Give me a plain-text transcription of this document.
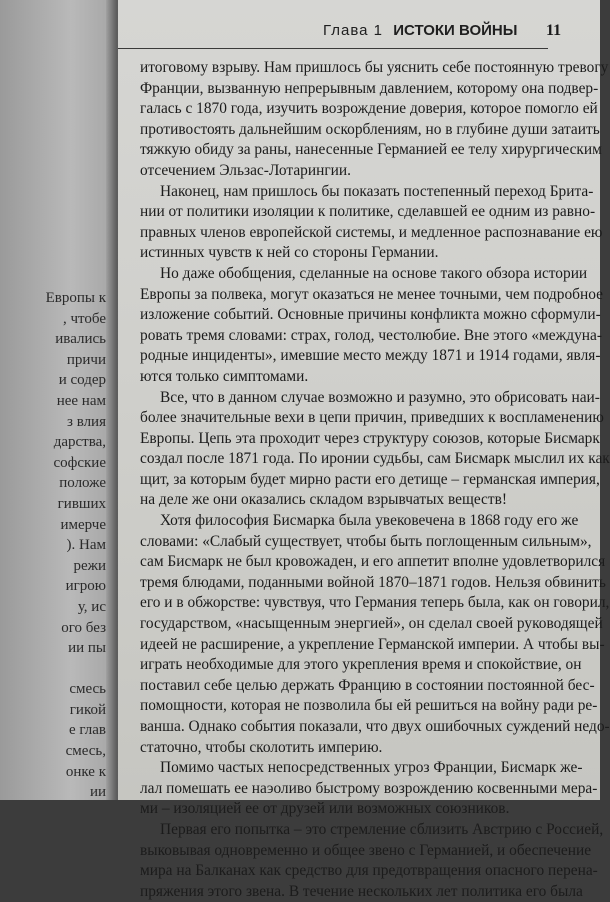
Европы к
, чтобе
ивались
причи
и содер
нее нам
з влия
дарства,
софские
положе
гивших
имерче
). Нам
режи
игрою
у, ис
ого без
ии пы

смесь
гикой
е глав
смесь,
онке к
ии
Глава 1 ИСТОКИ ВОЙНЫ 11
итоговому взрыву. Нам пришлось бы уяснить себе постоянную тревогу
Франции, вызванную непрерывным давлением, которому она подвер-
галась с 1870 года, изучить возрождение доверия, которое помогло ей
противостоять дальнейшим оскорблениям, но в глубине души затаить
тяжкую обиду за раны, нанесенные Германией ее телу хирургическим
отсечением Эльзас-Лотарингии.
Наконец, нам пришлось бы показать постепенный переход Брита-
нии от политики изоляции к политике, сделавшей ее одним из равно-
правных членов европейской системы, и медленное распознавание ею
истинных чувств к ней со стороны Германии.
Но даже обобщения, сделанные на основе такого обзора истории
Европы за полвека, могут оказаться не менее точными, чем подробное
изложение событий. Основные причины конфликта можно сформули-
ровать тремя словами: страх, голод, честолюбие. Вне этого «междуна-
родные инциденты», имевшие место между 1871 и 1914 годами, явля-
ются только симптомами.
Все, что в данном случае возможно и разумно, это обрисовать наи-
более значительные вехи в цепи причин, приведших к воспламенению
Европы. Цепь эта проходит через структуру союзов, которые Бисмарк
создал после 1871 года. По иронии судьбы, сам Бисмарк мыслил их как
щит, за которым будет мирно расти его детище – германская империя,
на деле же они оказались складом взрывчатых веществ!
Хотя философия Бисмарка была увековечена в 1868 году его же
словами: «Слабый существует, чтобы быть поглощенным сильным»,
сам Бисмарк не был кровожаден, и его аппетит вполне удовлетворился
тремя блюдами, поданными войной 1870–1871 годов. Нельзя обвинить
его и в обжорстве: чувствуя, что Германия теперь была, как он говорил,
государством, «насыщенным энергией», он сделал своей руководящей
идеей не расширение, а укрепление Германской империи. А чтобы вы-
играть необходимые для этого укрепления время и спокойствие, он
поставил себе целью держать Францию в состоянии постоянной бес-
помощности, которая не позволила бы ей решиться на войну ради ре-
ванша. Однако события показали, что двух ошибочных суждений недо-
статочно, чтобы сколотить империю.
Помимо частых непосредственных угроз Франции, Бисмарк же-
лал помешать ее наэоливо быстрому возрождению косвенными мера-
ми – изоляцией ее от друзей или возможных союзников.
Первая его попытка – это стремление сблизить Австрию с Россией,
выковывая одновременно и общее звено с Германией, и обеспечение
мира на Балканах как средство для предотвращения опасного перена-
пряжения этого звена. В течение нескольких лет политика его была
